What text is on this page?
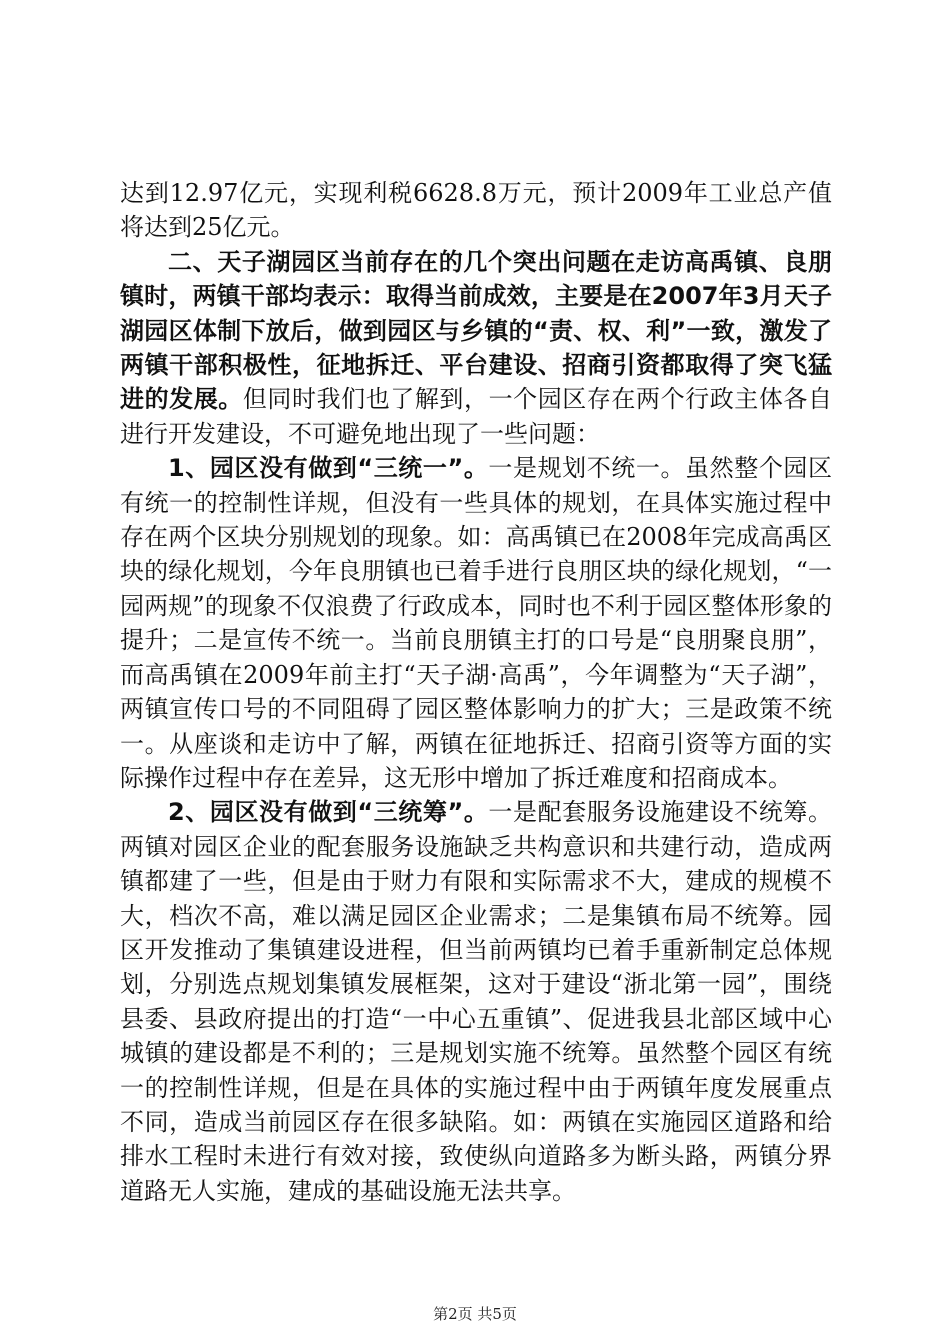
达到12.97亿元，实现利税6628.8万元，预计2009年工业总产值将达到25亿元。

二、天子湖园区当前存在的几个突出问题在走访高禹镇、良朋镇时，两镇干部均表示：取得当前成效，主要是在2007年3月天子湖园区体制下放后，做到园区与乡镇的“责、权、利”一致，激发了两镇干部积极性，征地拆迁、平台建设、招商引资都取得了突飞猛进的发展。但同时我们也了解到，一个园区存在两个行政主体各自进行开发建设，不可避免地出现了一些问题：

1、园区没有做到“三统一”。一是规划不统一。虽然整个园区有统一的控制性详规，但没有一些具体的规划，在具体实施过程中存在两个区块分别规划的现象。如：高禹镇已在2008年完成高禹区块的绿化规划，今年良朋镇也已着手进行良朋区块的绿化规划，“一园两规”的现象不仅浪费了行政成本，同时也不利于园区整体形象的提升；二是宣传不统一。当前良朋镇主打的口号是“良朋聚良朋”，而高禹镇在2009年前主打“天子湖·高禹”，今年调整为“天子湖”，两镇宣传口号的不同阻碍了园区整体影响力的扩大；三是政策不统一。从座谈和走访中了解，两镇在征地拆迁、招商引资等方面的实际操作过程中存在差异，这无形中增加了拆迁难度和招商成本。

2、园区没有做到“三统筹”。一是配套服务设施建设不统筹。两镇对园区企业的配套服务设施缺乏共构意识和共建行动，造成两镇都建了一些，但是由于财力有限和实际需求不大，建成的规模不大，档次不高，难以满足园区企业需求；二是集镇布局不统筹。园区开发推动了集镇建设进程，但当前两镇均已着手重新制定总体规划，分别选点规划集镇发展框架，这对于建设“浙北第一园”，围绕县委、县政府提出的打造“一中心五重镇”、促进我县北部区域中心城镇的建设都是不利的；三是规划实施不统筹。虽然整个园区有统一的控制性详规，但是在具体的实施过程中由于两镇年度发展重点不同，造成当前园区存在很多缺陷。如：两镇在实施园区道路和给排水工程时未进行有效对接，致使纵向道路多为断头路，两镇分界道路无人实施，建成的基础设施无法共享。

第2页 共5页
